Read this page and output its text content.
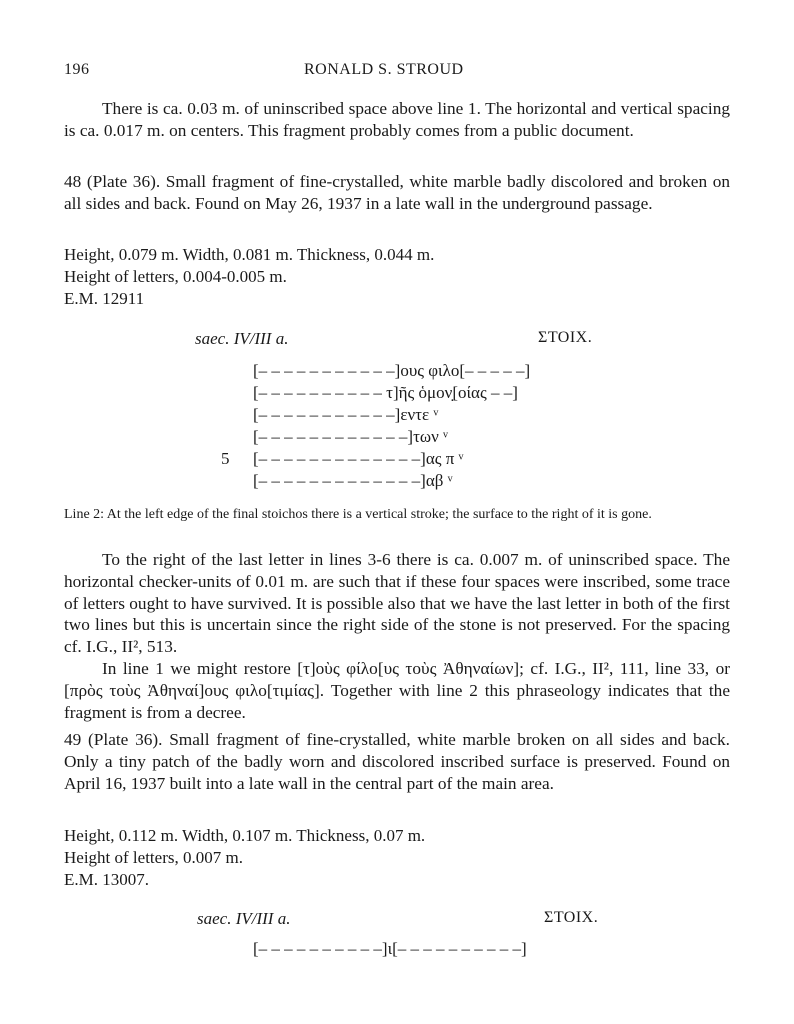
196	RONALD S. STROUD
There is ca. 0.03 m. of uninscribed space above line 1. The horizontal and vertical spacing is ca. 0.017 m. on centers. This fragment probably comes from a public document.
48 (Plate 36). Small fragment of fine-crystalled, white marble badly discolored and broken on all sides and back. Found on May 26, 1937 in a late wall in the underground passage.
Height, 0.079 m. Width, 0.081 m. Thickness, 0.044 m.
Height of letters, 0.004-0.005 m.
E.M. 12911
saec. IV/III a.	ΣΤΟΙΧ.
[– – – – – – – – – – –]ους φιλο[– – – – –]
[– – – – – – – – – – τ]ῆς ὁμον̣[οίας – –]
[– – – – – – – – – – –]εντε ᵛ
[– – – – – – – – – – – –]των ᵛ
5 [– – – – – – – – – – – – –]ας π ᵛ
[– – – – – – – – – – – – –]αβ ᵛ
Line 2: At the left edge of the final stoichos there is a vertical stroke; the surface to the right of it is gone.
To the right of the last letter in lines 3-6 there is ca. 0.007 m. of uninscribed space. The horizontal checker-units of 0.01 m. are such that if these four spaces were inscribed, some trace of letters ought to have survived. It is possible also that we have the last letter in both of the first two lines but this is uncertain since the right side of the stone is not preserved. For the spacing cf. I.G., II², 513.
In line 1 we might restore [τ]οὺς φίλο[υς τοὺς Ἀθηναίων]; cf. I.G., II², 111, line 33, or [πρὸς τοὺς Ἀθηναί]ους φιλο[τιμίας]. Together with line 2 this phraseology indicates that the fragment is from a decree.
49 (Plate 36). Small fragment of fine-crystalled, white marble broken on all sides and back. Only a tiny patch of the badly worn and discolored inscribed surface is preserved. Found on April 16, 1937 built into a late wall in the central part of the main area.
Height, 0.112 m. Width, 0.107 m. Thickness, 0.07 m.
Height of letters, 0.007 m.
E.M. 13007.
saec. IV/III a.	ΣΤΟΙΧ.
[– – – – – – – – – –]ι[– – – – – – – – – –]
